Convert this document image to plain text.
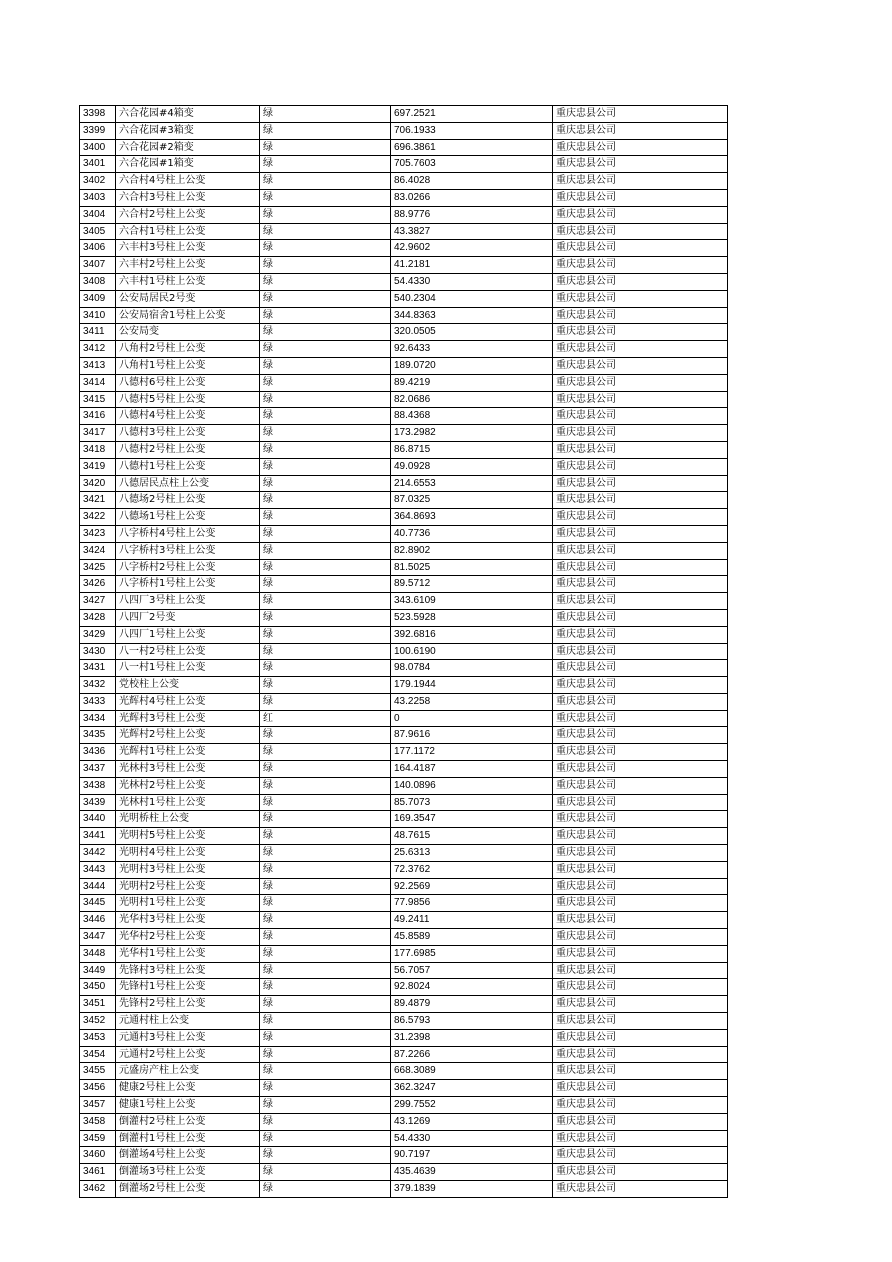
3398	六合花园#4箱变	绿	697.2521	重庆忠县公司
3399	六合花园#3箱变	绿	706.1933	重庆忠县公司
3400	六合花园#2箱变	绿	696.3861	重庆忠县公司
3401	六合花园#1箱变	绿	705.7603	重庆忠县公司
3402	六合村4号柱上公变	绿	86.4028	重庆忠县公司
3403	六合村3号柱上公变	绿	83.0266	重庆忠县公司
3404	六合村2号柱上公变	绿	88.9776	重庆忠县公司
3405	六合村1号柱上公变	绿	43.3827	重庆忠县公司
3406	六丰村3号柱上公变	绿	42.9602	重庆忠县公司
3407	六丰村2号柱上公变	绿	41.2181	重庆忠县公司
3408	六丰村1号柱上公变	绿	54.4330	重庆忠县公司
3409	公安局居民2号变	绿	540.2304	重庆忠县公司
3410	公安局宿舍1号柱上公变	绿	344.8363	重庆忠县公司
3411	公安局变	绿	320.0505	重庆忠县公司
3412	八角村2号柱上公变	绿	92.6433	重庆忠县公司
3413	八角村1号柱上公变	绿	189.0720	重庆忠县公司
3414	八德村6号柱上公变	绿	89.4219	重庆忠县公司
3415	八德村5号柱上公变	绿	82.0686	重庆忠县公司
3416	八德村4号柱上公变	绿	88.4368	重庆忠县公司
3417	八德村3号柱上公变	绿	173.2982	重庆忠县公司
3418	八德村2号柱上公变	绿	86.8715	重庆忠县公司
3419	八德村1号柱上公变	绿	49.0928	重庆忠县公司
3420	八德居民点柱上公变	绿	214.6553	重庆忠县公司
3421	八德场2号柱上公变	绿	87.0325	重庆忠县公司
3422	八德场1号柱上公变	绿	364.8693	重庆忠县公司
3423	八字桥村4号柱上公变	绿	40.7736	重庆忠县公司
3424	八字桥村3号柱上公变	绿	82.8902	重庆忠县公司
3425	八字桥村2号柱上公变	绿	81.5025	重庆忠县公司
3426	八字桥村1号柱上公变	绿	89.5712	重庆忠县公司
3427	八四厂3号柱上公变	绿	343.6109	重庆忠县公司
3428	八四厂2号变	绿	523.5928	重庆忠县公司
3429	八四厂1号柱上公变	绿	392.6816	重庆忠县公司
3430	八一村2号柱上公变	绿	100.6190	重庆忠县公司
3431	八一村1号柱上公变	绿	98.0784	重庆忠县公司
3432	党校柱上公变	绿	179.1944	重庆忠县公司
3433	光辉村4号柱上公变	绿	43.2258	重庆忠县公司
3434	光辉村3号柱上公变	红	0	重庆忠县公司
3435	光辉村2号柱上公变	绿	87.9616	重庆忠县公司
3436	光辉村1号柱上公变	绿	177.1172	重庆忠县公司
3437	光林村3号柱上公变	绿	164.4187	重庆忠县公司
3438	光林村2号柱上公变	绿	140.0896	重庆忠县公司
3439	光林村1号柱上公变	绿	85.7073	重庆忠县公司
3440	光明桥柱上公变	绿	169.3547	重庆忠县公司
3441	光明村5号柱上公变	绿	48.7615	重庆忠县公司
3442	光明村4号柱上公变	绿	25.6313	重庆忠县公司
3443	光明村3号柱上公变	绿	72.3762	重庆忠县公司
3444	光明村2号柱上公变	绿	92.2569	重庆忠县公司
3445	光明村1号柱上公变	绿	77.9856	重庆忠县公司
3446	光华村3号柱上公变	绿	49.2411	重庆忠县公司
3447	光华村2号柱上公变	绿	45.8589	重庆忠县公司
3448	光华村1号柱上公变	绿	177.6985	重庆忠县公司
3449	先锋村3号柱上公变	绿	56.7057	重庆忠县公司
3450	先锋村1号柱上公变	绿	92.8024	重庆忠县公司
3451	先锋村2号柱上公变	绿	89.4879	重庆忠县公司
3452	元通村柱上公变	绿	86.5793	重庆忠县公司
3453	元通村3号柱上公变	绿	31.2398	重庆忠县公司
3454	元通村2号柱上公变	绿	87.2266	重庆忠县公司
3455	元盛房产柱上公变	绿	668.3089	重庆忠县公司
3456	健康2号柱上公变	绿	362.3247	重庆忠县公司
3457	健康1号柱上公变	绿	299.7552	重庆忠县公司
3458	倒灌村2号柱上公变	绿	43.1269	重庆忠县公司
3459	倒灌村1号柱上公变	绿	54.4330	重庆忠县公司
3460	倒灌场4号柱上公变	绿	90.7197	重庆忠县公司
3461	倒灌场3号柱上公变	绿	435.4639	重庆忠县公司
3462	倒灌场2号柱上公变	绿	379.1839	重庆忠县公司
